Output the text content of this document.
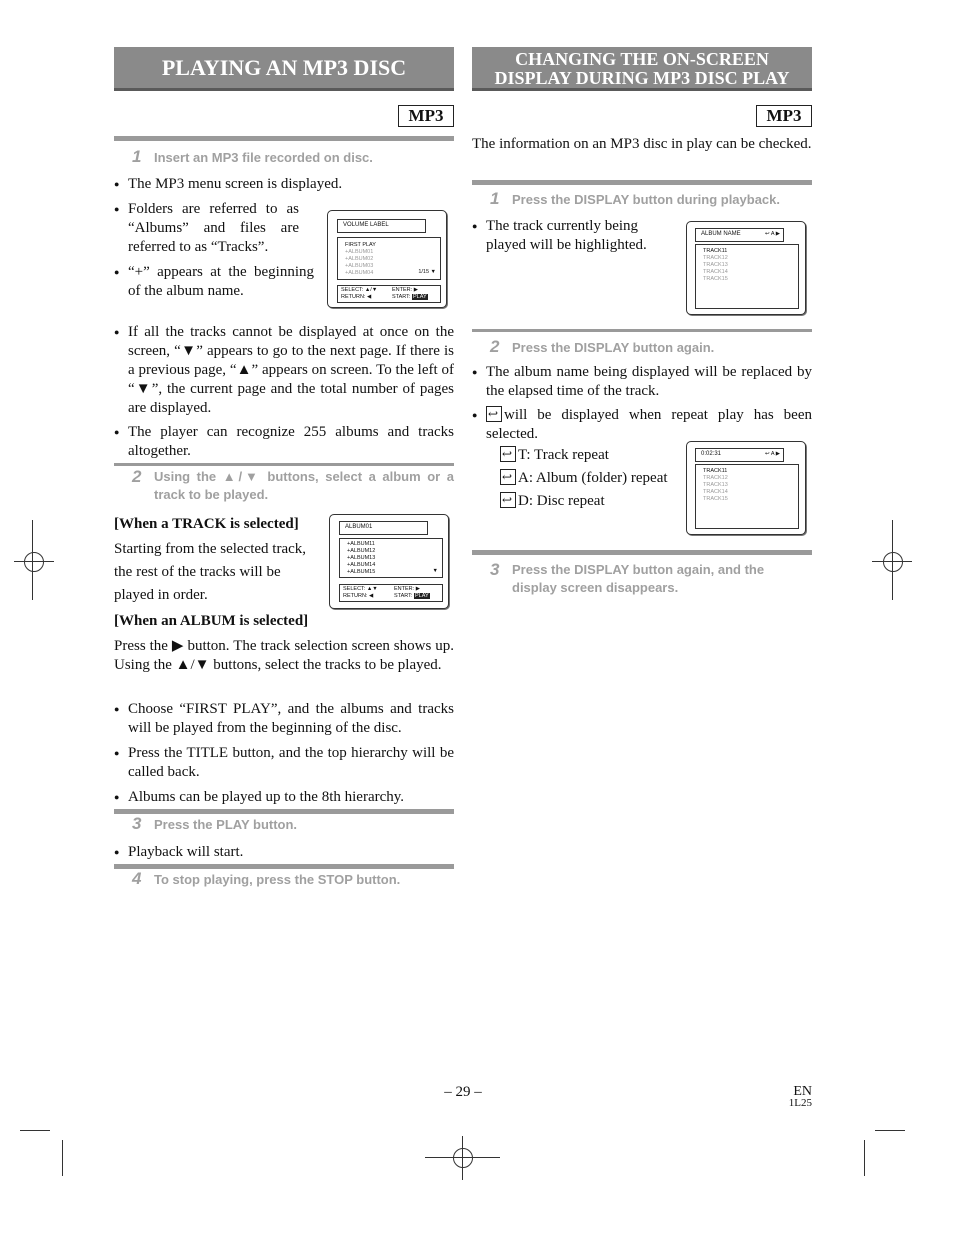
PLAYING AN MP3 DISC
MP3
1 Insert an MP3 file recorded on disc.
● The MP3 menu screen is displayed.
● Folders are referred to as “Albums” and files are referred to as “Tracks”.
● “+” appears at the beginning of the album name.
VOLUME LABEL
FIRST PLAY
+ALBUM01
+ALBUM02
+ALBUM03
+ALBUM04	1/15 ▼
SELECT: ▲/▼
RETURN: ◀
ENTER: ▶
START: PLAY
● If all the tracks cannot be displayed at once on the screen, “▼” appears to go to the next page. If there is a previous page, “▲” appears on screen. To the left of “▼”, the current page and the total number of pages are displayed.
● The player can recognize 255 albums and tracks altogether.
2 Using the ▲/▼ buttons, select a album or a track to be played.
[When a TRACK is selected]
Starting from the selected track, the rest of the tracks will be played in order.
ALBUM01
+ALBUM11
+ALBUM12
+ALBUM13
+ALBUM14
+ALBUM15	▼
SELECT: ▲▼
RETURN: ◀
ENTER: ▶
START: PLAY
[When an ALBUM is selected]
Press the ▶ button. The track selection screen shows up. Using the ▲/▼ buttons, select the tracks to be played.
● Choose “FIRST PLAY”, and the albums and tracks will be played from the beginning of the disc.
● Press the TITLE button, and the top hierarchy will be called back.
● Albums can be played up to the 8th hierarchy.
3 Press the PLAY button.
● Playback will start.
4 To stop playing, press the STOP button.
CHANGING THE ON-SCREEN
DISPLAY DURING MP3 DISC PLAY
MP3
The information on an MP3 disc in play can be checked.
1 Press the DISPLAY button during playback.
● The track currently being played will be highlighted.
ALBUM NAME	↩ A ▶
TRACK11
TRACK12
TRACK13
TRACK14
TRACK15
2 Press the DISPLAY button again.
● The album name being displayed will be replaced by the elapsed time of the track.
↩● will be displayed when repeat play has been selected.
↩T: Track repeat
↩A: Album (folder) repeat
↩D: Disc repeat
0:02:31	↩ A ▶
TRACK11
TRACK12
TRACK13
TRACK14
TRACK15
3 Press the DISPLAY button again, and the display screen disappears.
– 29 –	EN
1L25
